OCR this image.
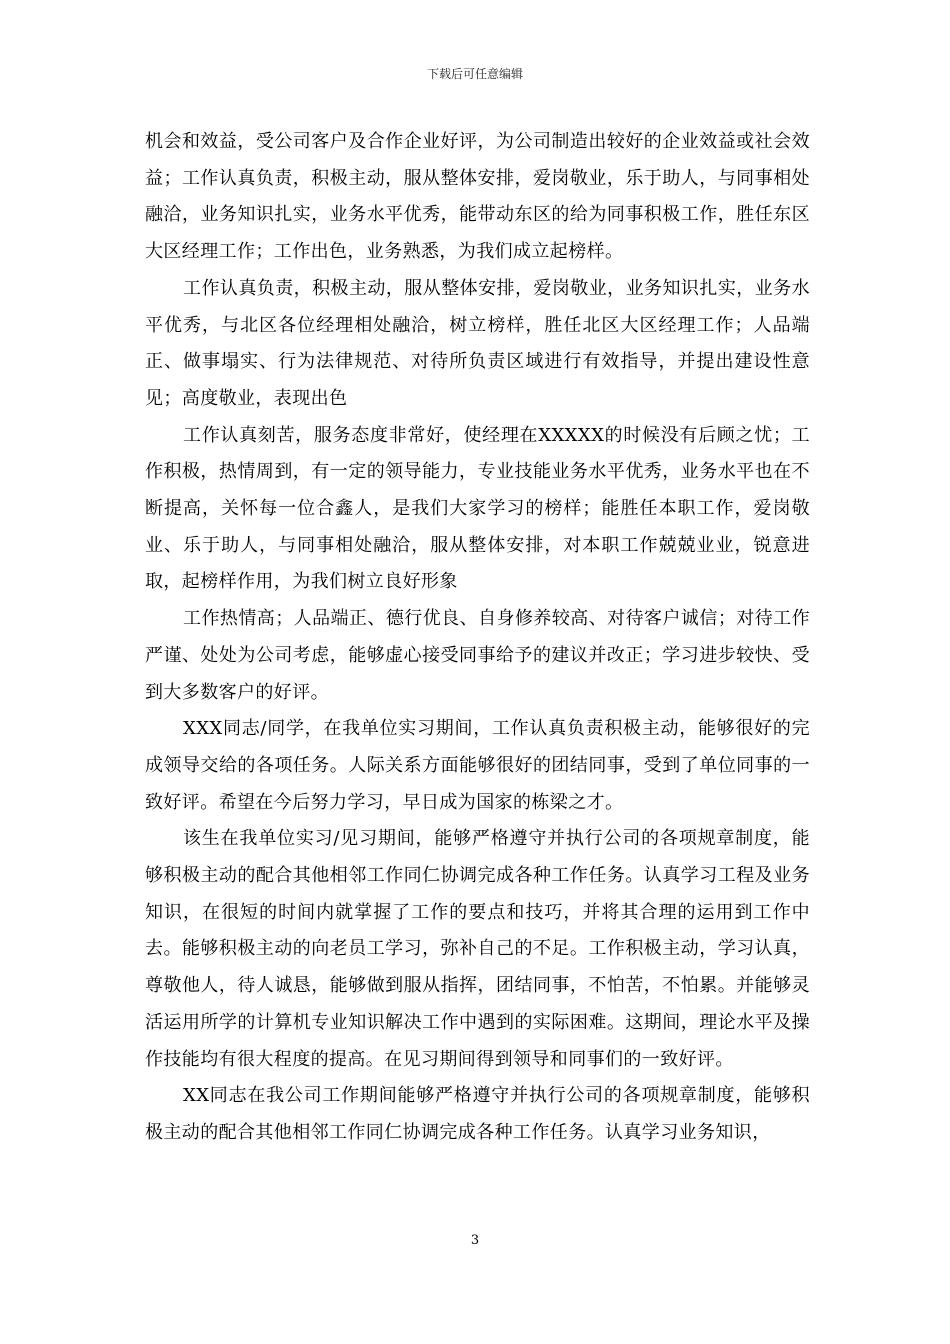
下载后可任意编辑

机会和效益，受公司客户及合作企业好评，为公司制造出较好的企业效益或社会效益；工作认真负责，积极主动，服从整体安排，爱岗敬业，乐于助人，与同事相处融洽，业务知识扎实，业务水平优秀，能带动东区的给为同事积极工作，胜任东区大区经理工作；工作出色，业务熟悉，为我们成立起榜样。

工作认真负责，积极主动，服从整体安排，爱岗敬业，业务知识扎实，业务水平优秀，与北区各位经理相处融洽，树立榜样，胜任北区大区经理工作；人品端正、做事塌实、行为法律规范、对待所负责区域进行有效指导，并提出建设性意见；高度敬业，表现出色

工作认真刻苦，服务态度非常好，使经理在XXXXX的时候没有后顾之忧；工作积极，热情周到，有一定的领导能力，专业技能业务水平优秀，业务水平也在不断提高，关怀每一位合鑫人，是我们大家学习的榜样；能胜任本职工作，爱岗敬业、乐于助人，与同事相处融洽，服从整体安排，对本职工作兢兢业业，锐意进取，起榜样作用，为我们树立良好形象

工作热情高；人品端正、德行优良、自身修养较高、对待客户诚信；对待工作严谨、处处为公司考虑，能够虚心接受同事给予的建议并改正；学习进步较快、受到大多数客户的好评。

XXX同志/同学，在我单位实习期间，工作认真负责积极主动，能够很好的完成领导交给的各项任务。人际关系方面能够很好的团结同事，受到了单位同事的一致好评。希望在今后努力学习，早日成为国家的栋梁之才。

该生在我单位实习/见习期间，能够严格遵守并执行公司的各项规章制度，能够积极主动的配合其他相邻工作同仁协调完成各种工作任务。认真学习工程及业务知识，在很短的时间内就掌握了工作的要点和技巧，并将其合理的运用到工作中去。能够积极主动的向老员工学习，弥补自己的不足。工作积极主动，学习认真，尊敬他人，待人诚恳，能够做到服从指挥，团结同事，不怕苦，不怕累。并能够灵活运用所学的计算机专业知识解决工作中遇到的实际困难。这期间，理论水平及操作技能均有很大程度的提高。在见习期间得到领导和同事们的一致好评。

XX同志在我公司工作期间能够严格遵守并执行公司的各项规章制度，能够积极主动的配合其他相邻工作同仁协调完成各种工作任务。认真学习业务知识，

3
